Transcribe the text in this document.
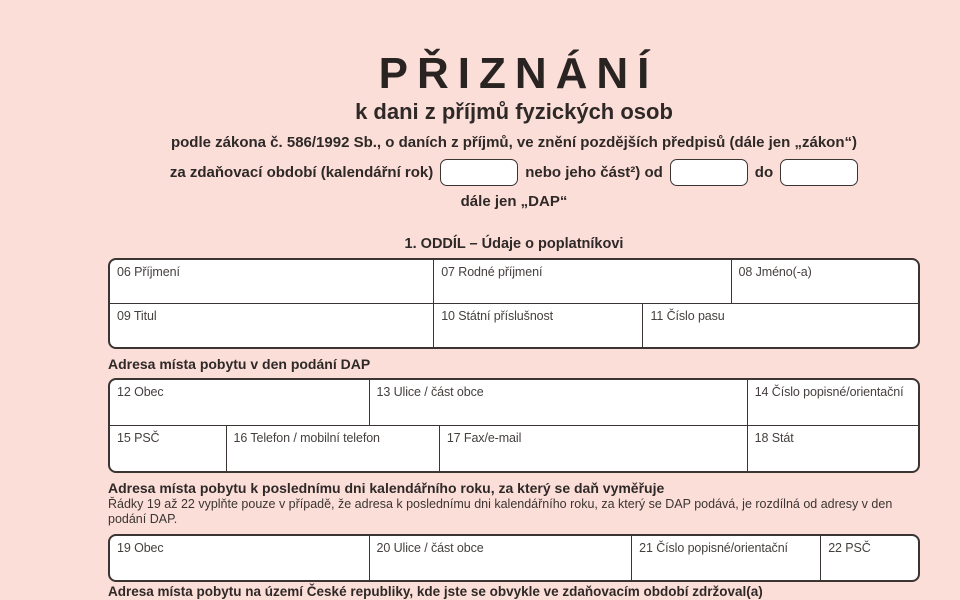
PŘIZNÁNÍ
k dani z příjmů fyzických osob
podle zákona č. 586/1992 Sb., o daních z příjmů, ve znění pozdějších předpisů (dále jen „zákon“)
za zdaňovací období (kalendářní rok)	nebo jeho část²) od	do
dále jen „DAP“
1. ODDÍL – Údaje o poplatníkovi
06 Příjmení	07 Rodné příjmení	08 Jméno(-a)
09 Titul	10 Státní příslušnost	11 Číslo pasu
Adresa místa pobytu v den podání DAP
12 Obec	13 Ulice / část obce	14 Číslo popisné/orientační
15 PSČ	16 Telefon / mobilní telefon	17 Fax/e-mail	18 Stát
Adresa místa pobytu k poslednímu dni kalendářního roku, za který se daň vyměřuje
Řádky 19 až 22 vyplňte pouze v případě, že adresa k poslednímu dni kalendářního roku, za který se DAP podává, je rozdílná od adresy v den podání DAP.
19 Obec	20 Ulice / část obce	21 Číslo popisné/orientační	22 PSČ
Adresa místa pobytu na území České republiky, kde jste se obvykle ve zdaňovacím období zdržoval(a)
